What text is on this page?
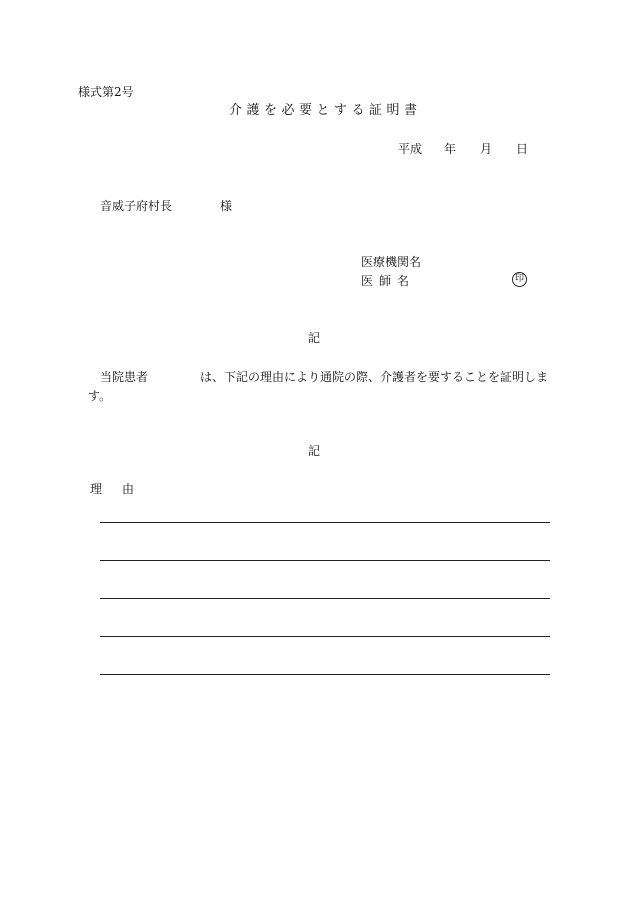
様式第2号
介護を必要とする証明書
平成 年 月 日
音威子府村長	様
医療機関名
医師名	印
記
当院患者	は、下記の理由により通院の際、介護者を要することを証明します。
記
理由
